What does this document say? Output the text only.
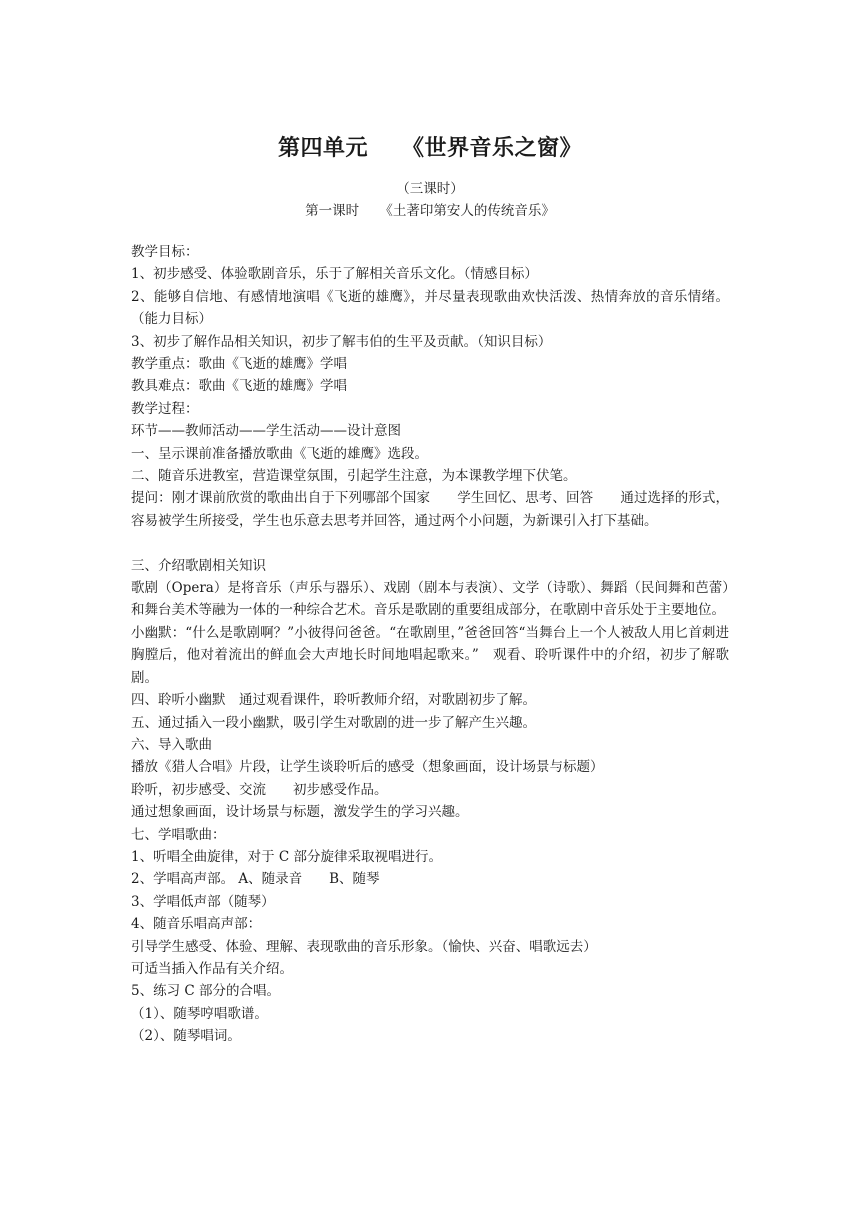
第四单元　　《世界音乐之窗》
（三课时）
第一课时　　《土著印第安人的传统音乐》
教学目标：
1、初步感受、体验歌剧音乐，乐于了解相关音乐文化。（情感目标）
2、能够自信地、有感情地演唱《飞逝的雄鹰》，并尽量表现歌曲欢快活泼、热情奔放的音乐情绪。（能力目标）
3、初步了解作品相关知识，初步了解韦伯的生平及贡献。（知识目标）
教学重点：歌曲《飞逝的雄鹰》学唱
教具难点：歌曲《飞逝的雄鹰》学唱
教学过程：
环节——教师活动——学生活动——设计意图
一、呈示课前准备播放歌曲《飞逝的雄鹰》选段。
二、随音乐进教室，营造课堂氛围，引起学生注意，为本课教学埋下伏笔。
提问：刚才课前欣赏的歌曲出自于下列哪部个国家　　学生回忆、思考、回答　　通过选择的形式，容易被学生所接受，学生也乐意去思考并回答，通过两个小问题，为新课引入打下基础。
三、介绍歌剧相关知识
歌剧（Opera）是将音乐（声乐与器乐）、戏剧（剧本与表演）、文学（诗歌）、舞蹈（民间舞和芭蕾）和舞台美术等融为一体的一种综合艺术。音乐是歌剧的重要组成部分，在歌剧中音乐处于主要地位。
小幽默：“什么是歌剧啊？”小彼得问爸爸。“在歌剧里，”爸爸回答“当舞台上一个人被敌人用匕首刺进胸膛后，他对着流出的鲜血会大声地长时间地唱起歌来。”　观看、聆听课件中的介绍，初步了解歌剧。
四、聆听小幽默　通过观看课件，聆听教师介绍，对歌剧初步了解。
五、通过插入一段小幽默，吸引学生对歌剧的进一步了解产生兴趣。
六、导入歌曲
播放《猎人合唱》片段，让学生谈聆听后的感受（想象画面，设计场景与标题）
聆听，初步感受、交流　　初步感受作品。
通过想象画面，设计场景与标题，激发学生的学习兴趣。
七、学唱歌曲：
1、听唱全曲旋律，对于 C 部分旋律采取视唱进行。
2、学唱高声部。 A、随录音　　B、随琴
3、学唱低声部（随琴）
4、随音乐唱高声部：
引导学生感受、体验、理解、表现歌曲的音乐形象。（愉快、兴奋、唱歌远去）
可适当插入作品有关介绍。
5、练习 C 部分的合唱。
（1）、随琴哼唱歌谱。
（2）、随琴唱词。
